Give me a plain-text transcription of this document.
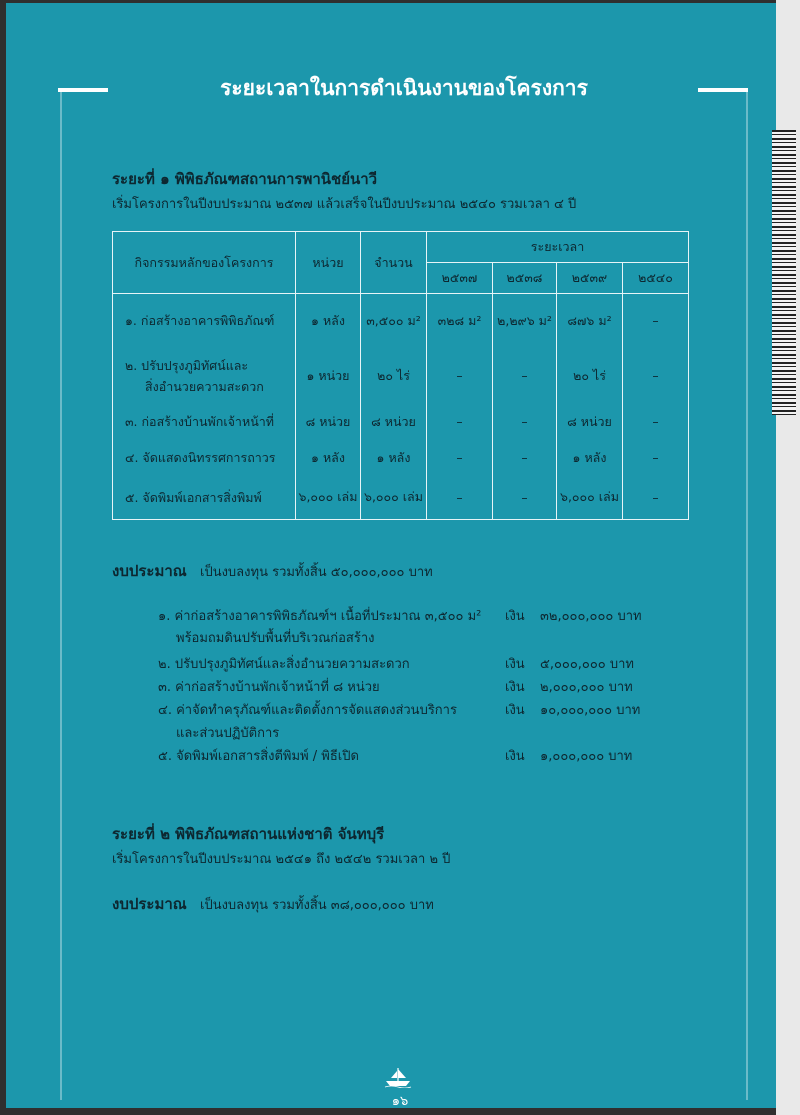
ระยะเวลาในการดำเนินงานของโครงการ
ระยะที่ ๑ พิพิธภัณฑสถานการพานิชย์นาวี
เริ่มโครงการในปีงบประมาณ ๒๕๓๗ แล้วเสร็จในปีงบประมาณ ๒๕๔๐ รวมเวลา ๔ ปี
กิจกรรมหลักของโครงการ	หน่วย	จำนวน	ระยะเวลา			
			๒๕๓๗	๒๕๓๘	๒๕๓๙	๒๕๔๐
๑. ก่อสร้างอาคารพิพิธภัณฑ์	๑ หลัง	๓,๕๐๐ ม²	๓๒๘ ม²	๒,๒๙๖ ม²	๘๗๖ ม²	–

๒. ปรับปรุงภูมิทัศน์และ
สิ่งอำนวยความสะดวก	๑ หน่วย	๒๐ ไร่	–	–	๒๐ ไร่	–
๓. ก่อสร้างบ้านพักเจ้าหน้าที่	๘ หน่วย	๘ หน่วย	–	–	๘ หน่วย	–
๔. จัดแสดงนิทรรศการถาวร	๑ หลัง	๑ หลัง	–	–	๑ หลัง	–
๕. จัดพิมพ์เอกสารสิ่งพิมพ์	๖,๐๐๐ เล่ม	๖,๐๐๐ เล่ม	–	–	๖,๐๐๐ เล่ม	–
งบประมาณ เป็นงบลงทุน รวมทั้งสิ้น ๕๐,๐๐๐,๐๐๐ บาท
๑. ค่าก่อสร้างอาคารพิพิธภัณฑ์ฯ เนื้อที่ประมาณ ๓,๕๐๐ ม²
พร้อมถมดินปรับพื้นที่บริเวณก่อสร้าง
เงิน ๓๒,๐๐๐,๐๐๐ บาท
๒. ปรับปรุงภูมิทัศน์และสิ่งอำนวยความสะดวก	เงิน ๕,๐๐๐,๐๐๐ บาท
๓. ค่าก่อสร้างบ้านพักเจ้าหน้าที่ ๘ หน่วย	เงิน ๒,๐๐๐,๐๐๐ บาท
๔. ค่าจัดทำครุภัณฑ์และติดตั้งการจัดแสดงส่วนบริการ
และส่วนปฏิบัติการ
เงิน ๑๐,๐๐๐,๐๐๐ บาท
๕. จัดพิมพ์เอกสารสิ่งตีพิมพ์ / พิธีเปิด	เงิน ๑,๐๐๐,๐๐๐ บาท
ระยะที่ ๒ พิพิธภัณฑสถานแห่งชาติ จันทบุรี
เริ่มโครงการในปีงบประมาณ ๒๕๔๑ ถึง ๒๕๔๒ รวมเวลา ๒ ปี
งบประมาณ เป็นงบลงทุน รวมทั้งสิ้น ๓๘,๐๐๐,๐๐๐ บาท
๑๖
